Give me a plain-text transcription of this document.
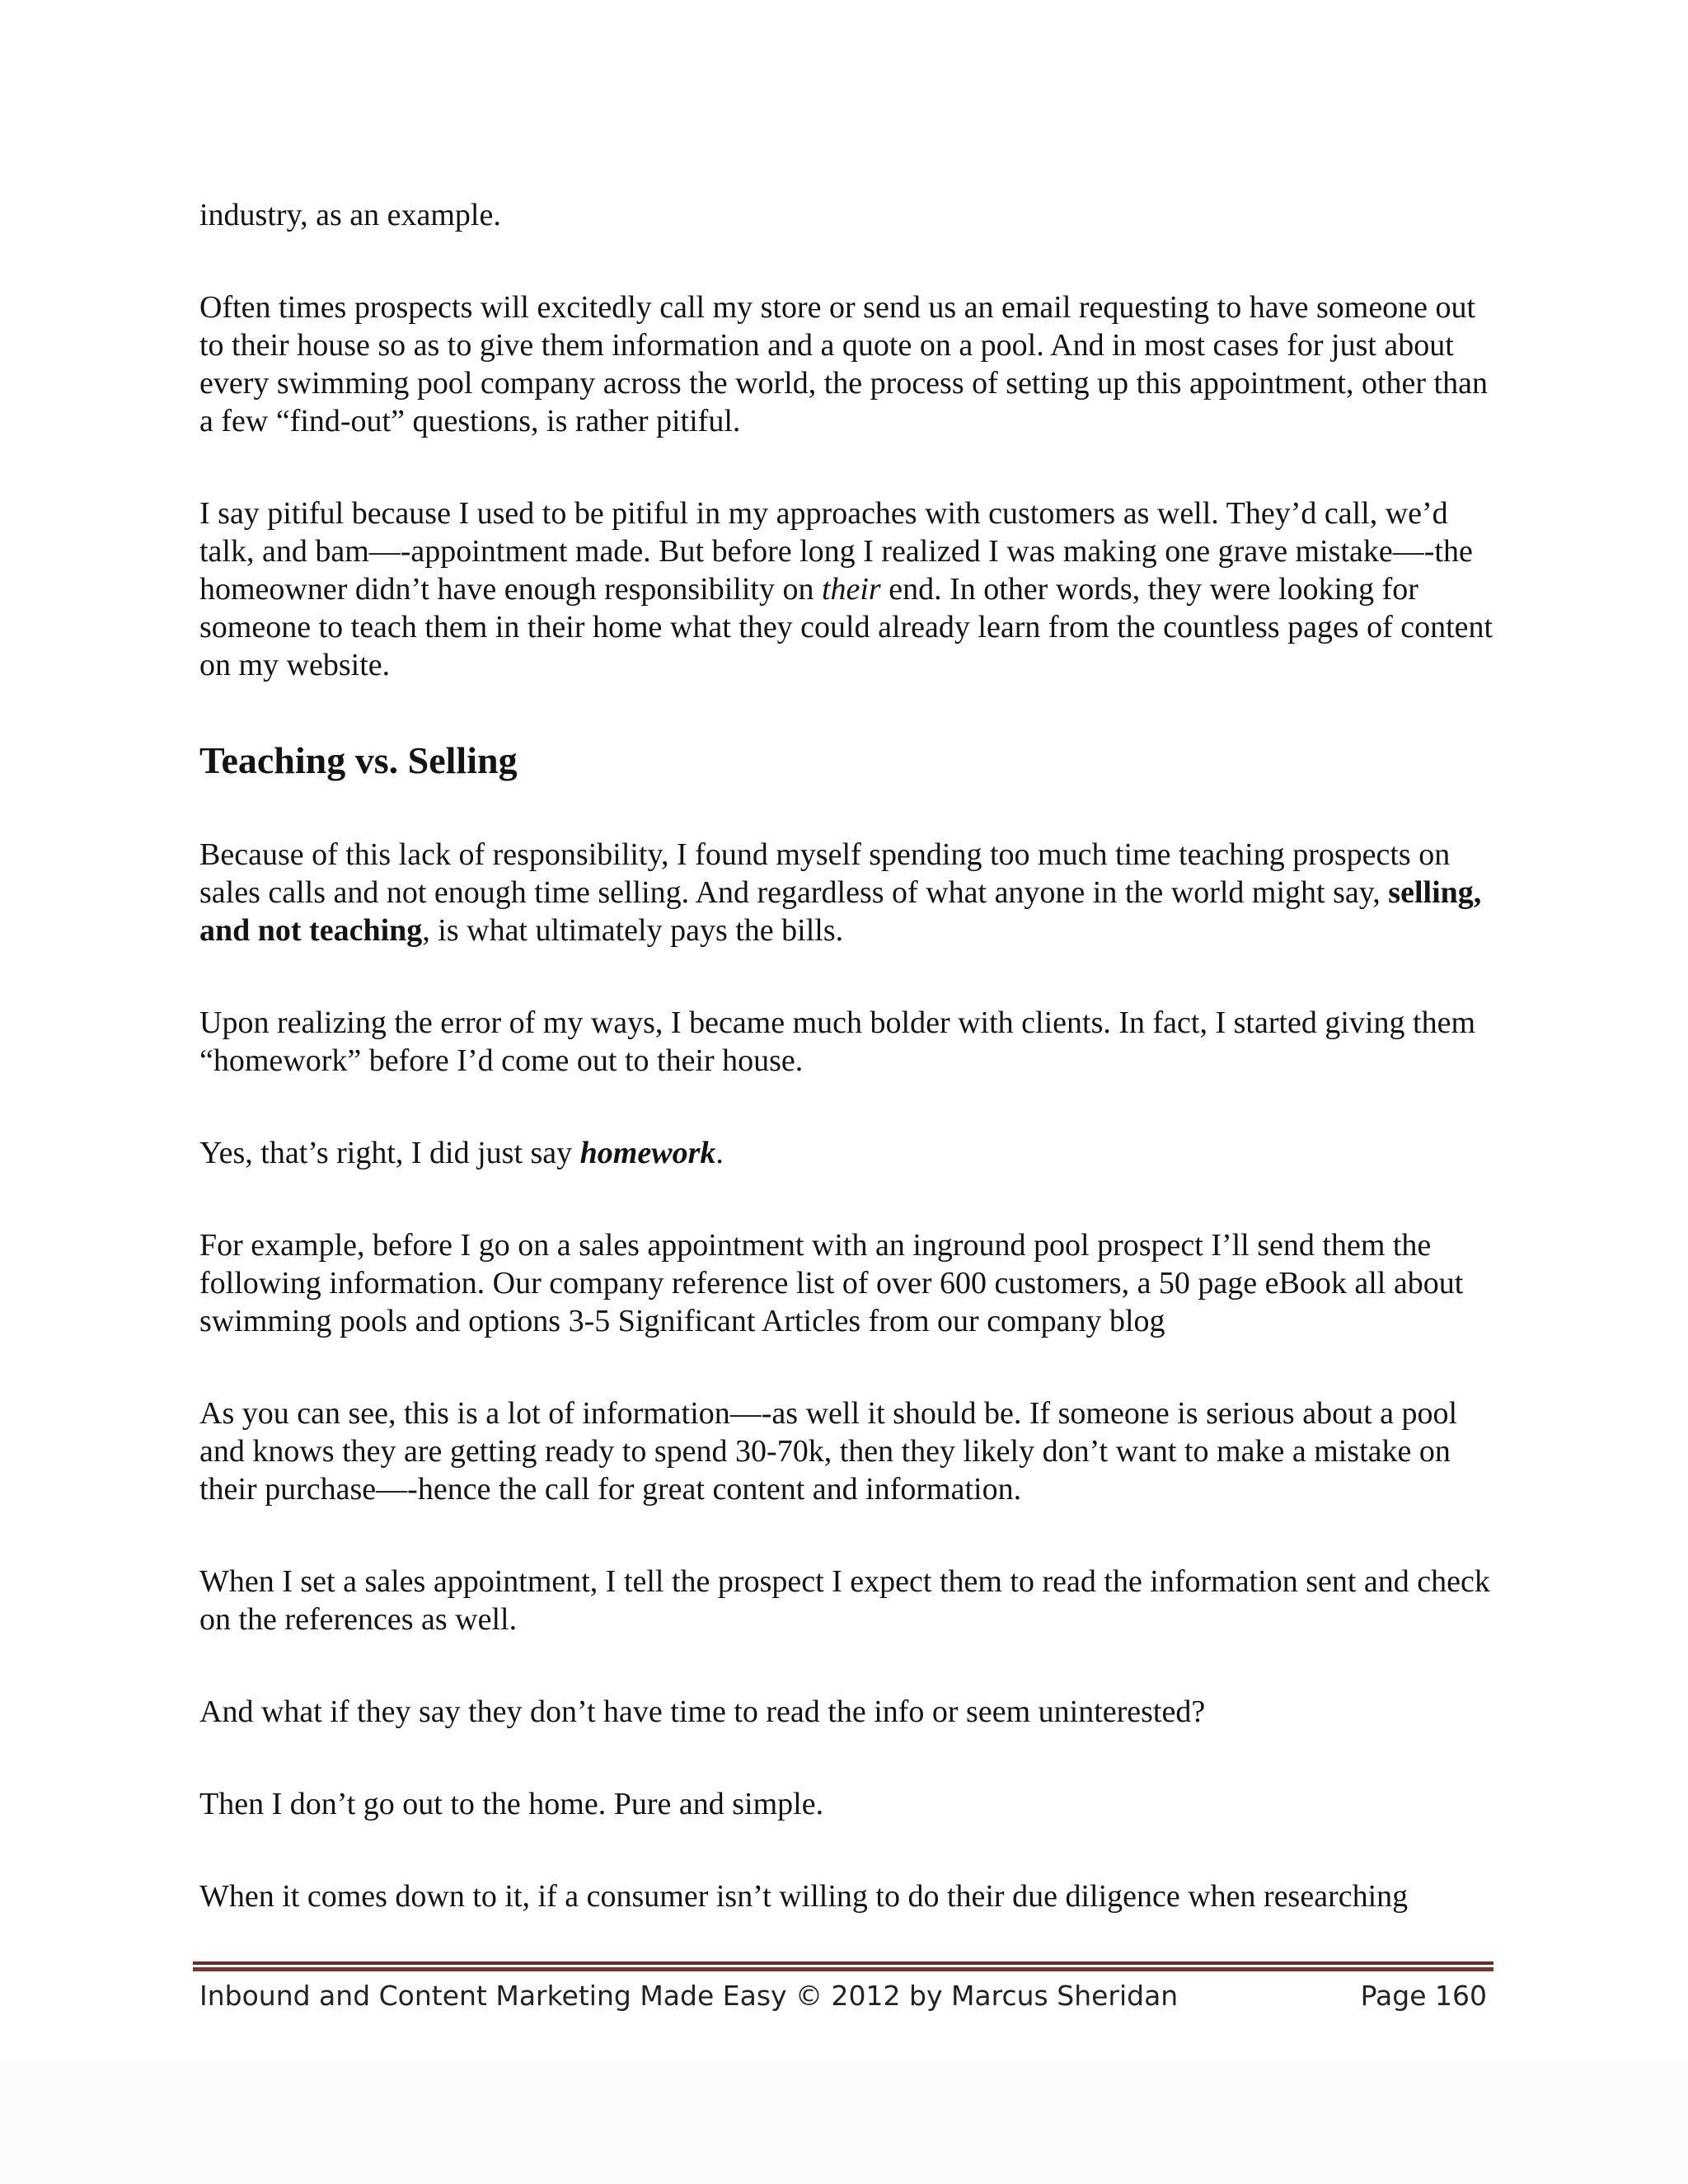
industry, as an example.

Often times prospects will excitedly call my store or send us an email requesting to have someone out to their house so as to give them information and a quote on a pool. And in most cases for just about every swimming pool company across the world, the process of setting up this appointment, other than a few “find-out” questions, is rather pitiful.

I say pitiful because I used to be pitiful in my approaches with customers as well. They’d call, we’d talk, and bam—-appointment made. But before long I realized I was making one grave mistake—-the homeowner didn’t have enough responsibility on their end. In other words, they were looking for someone to teach them in their home what they could already learn from the countless pages of content on my website.

Teaching vs. Selling

Because of this lack of responsibility, I found myself spending too much time teaching prospects on sales calls and not enough time selling. And regardless of what anyone in the world might say, selling, and not teaching, is what ultimately pays the bills.

Upon realizing the error of my ways, I became much bolder with clients. In fact, I started giving them “homework” before I’d come out to their house.

Yes, that’s right, I did just say homework.

For example, before I go on a sales appointment with an inground pool prospect I’ll send them the following information. Our company reference list of over 600 customers, a 50 page eBook all about swimming pools and options 3-5 Significant Articles from our company blog

As you can see, this is a lot of information—-as well it should be. If someone is serious about a pool and knows they are getting ready to spend 30-70k, then they likely don’t want to make a mistake on their purchase—-hence the call for great content and information.

When I set a sales appointment, I tell the prospect I expect them to read the information sent and check on the references as well.

And what if they say they don’t have time to read the info or seem uninterested?

Then I don’t go out to the home. Pure and simple.

When it comes down to it, if a consumer isn’t willing to do their due diligence when researching

Inbound and Content Marketing Made Easy © 2012 by Marcus Sheridan	Page 160
